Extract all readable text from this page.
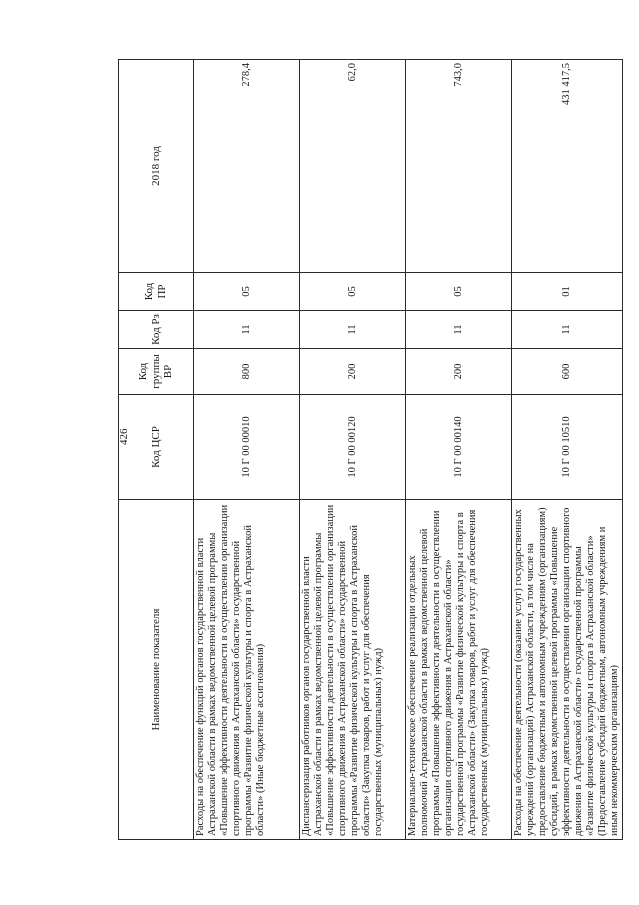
426
Наименование показателя	Код ЦСР	Код группы ВР	Код Рз	Код ПР	2018 год
Расходы на обеспечение функций органов государственной власти Астраханской области в рамках ведомственной целевой программы «Повышение эффективности деятельности в осуществлении организации спортивного движения в Астраханской области» государственной программы «Развитие физической культуры и спорта в Астраханской области» (Иные бюджетные ассигнования)	10 Г 00 00010	800	11	05	278,4
Диспансеризация работников органов государственной власти Астраханской области в рамках ведомственной целевой программы «Повышение эффективности деятельности в осуществлении организации спортивного движения в Астраханской области» государственной программы «Развитие физической культуры и спорта в Астраханской области» (Закупка товаров, работ и услуг для обеспечения государственных (муниципальных) нужд)	10 Г 00 00120	200	11	05	62,0
Материально-техническое обеспечение реализации отдельных полномочий Астраханской области в рамках ведомственной целевой программы «Повышение эффективности деятельности в осуществлении организации спортивного движения в Астраханской области» государственной программы «Развитие физической культуры и спорта в Астраханской области» (Закупка товаров, работ и услуг для обеспечения государственных (муниципальных) нужд)	10 Г 00 00140	200	11	05	743,0
Расходы на обеспечение деятельности (оказание услуг) государственных учреждений (организаций) Астраханской области, в том числе на предоставление бюджетным и автономным учреждениям (организациям) субсидий, в рамках ведомственной целевой программы «Повышение эффективности деятельности в осуществлении организации спортивного движения в Астраханской области» государственной программы «Развитие физической культуры и спорта в Астраханской области» (Предоставление субсидий бюджетным, автономным учреждениям и иным некоммерческим организациям)	10 Г 00 10510	600	11	01	431 417,5
